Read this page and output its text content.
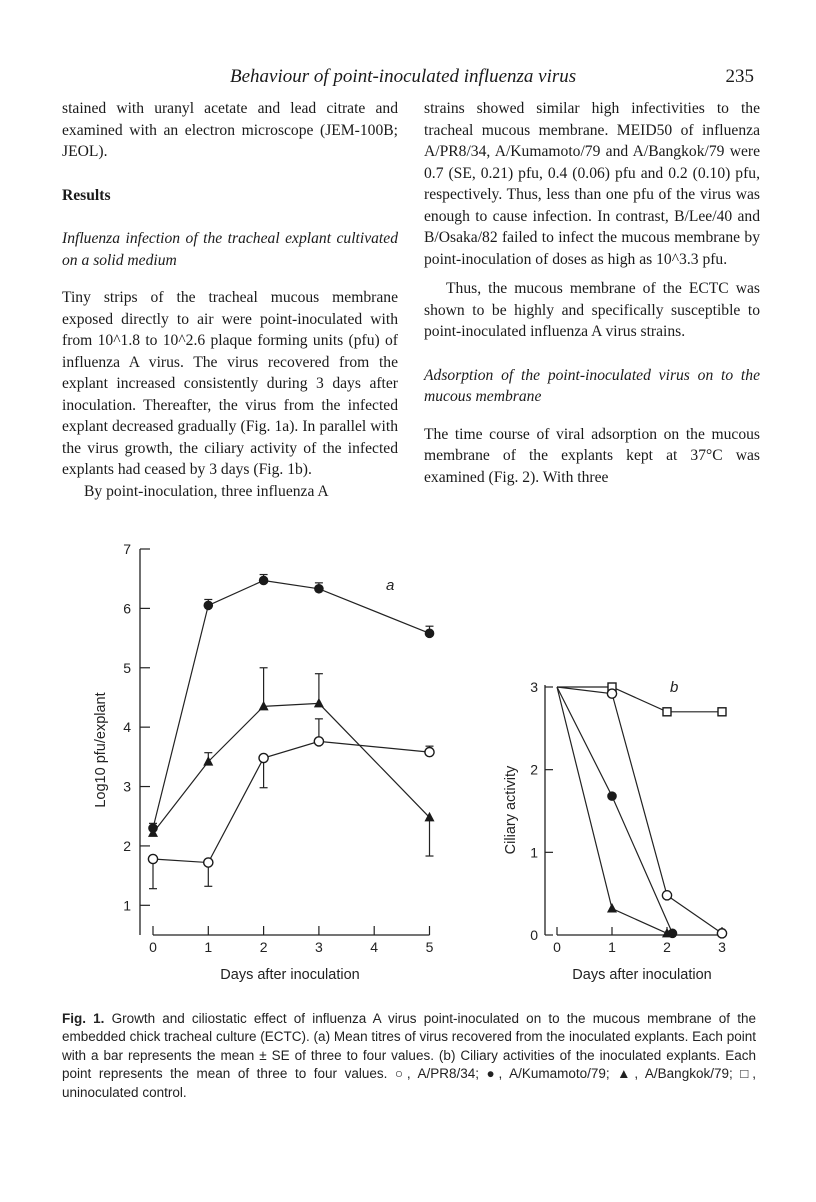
Behaviour of point-inoculated influenza virus	235

stained with uranyl acetate and lead citrate and examined with an electron microscope (JEM-100B; JEOL).

Results

Influenza infection of the tracheal explant cultivated on a solid medium

Tiny strips of the tracheal mucous membrane exposed directly to air were point-inoculated with from 10^1.8 to 10^2.6 plaque forming units (pfu) of influenza A virus. The virus recovered from the explant increased consistently during 3 days after inoculation. Thereafter, the virus from the infected explant decreased gradually (Fig. 1a). In parallel with the virus growth, the ciliary activity of the infected explants had ceased by 3 days (Fig. 1b).

By point-inoculation, three influenza A

strains showed similar high infectivities to the tracheal mucous membrane. MEID50 of influenza A/PR8/34, A/Kumamoto/79 and A/Bangkok/79 were 0.7 (SE, 0.21) pfu, 0.4 (0.06) pfu and 0.2 (0.10) pfu, respectively. Thus, less than one pfu of the virus was enough to cause infection. In contrast, B/Lee/40 and B/Osaka/82 failed to infect the mucous membrane by point-inoculation of doses as high as 10^3.3 pfu.

Thus, the mucous membrane of the ECTC was shown to be highly and specifically susceptible to point-inoculated influenza A virus strains.

Adsorption of the point-inoculated virus on to the mucous membrane

The time course of viral adsorption on the mucous membrane of the explants kept at 37°C was examined (Fig. 2). With three

1
2
3
4
5
6
7
0	1	2	3	4	5
Days after inoculation
Log10 pfu/explant
a
0
1
2
3
0	1	2	3
Days after inoculation
Ciliary activity
b

Fig. 1. Growth and ciliostatic effect of influenza A virus point-inoculated on to the mucous membrane of the embedded chick tracheal culture (ECTC). (a) Mean titres of virus recovered from the inoculated explants. Each point with a bar represents the mean ± SE of three to four values. (b) Ciliary activities of the inoculated explants. Each point represents the mean of three to four values. ○, A/PR8/34; ●, A/Kumamoto/79; ▲, A/Bangkok/79; □, uninoculated control.
